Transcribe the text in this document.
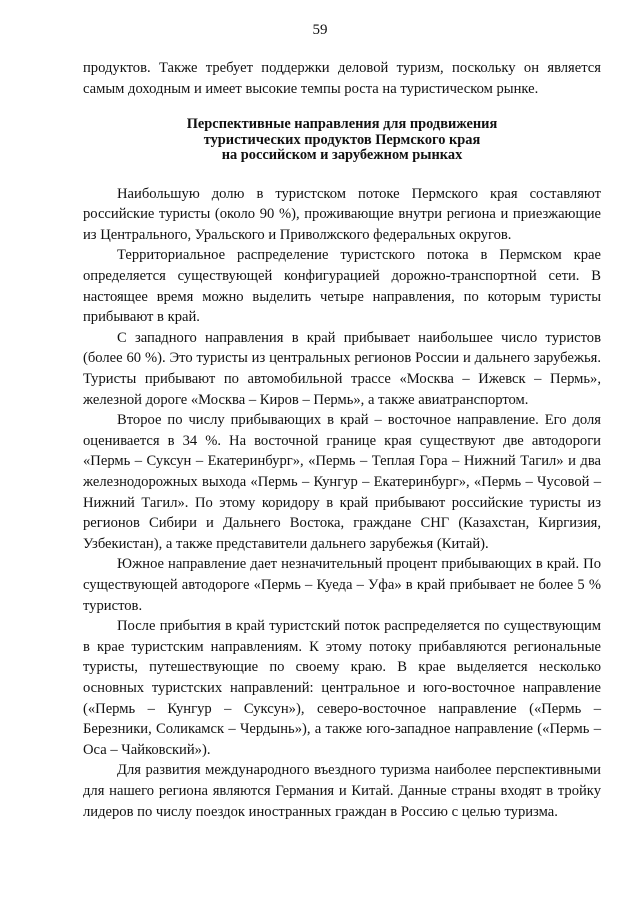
59

продуктов. Также требует поддержки деловой туризм, поскольку он является самым доходным и имеет высокие темпы роста на туристическом рынке.

Перспективные направления для продвижения
туристических продуктов Пермского края
на российском и зарубежном рынках

Наибольшую долю в туристском потоке Пермского края составляют российские туристы (около 90 %), проживающие внутри региона и приезжающие из Центрального, Уральского и Приволжского федеральных округов.

Территориальное распределение туристского потока в Пермском крае определяется существующей конфигурацией дорожно-транспортной сети. В настоящее время можно выделить четыре направления, по которым туристы прибывают в край.

С западного направления в край прибывает наибольшее число туристов (более 60 %). Это туристы из центральных регионов России и дальнего зарубежья. Туристы прибывают по автомобильной трассе «Москва – Ижевск – Пермь», железной дороге «Москва – Киров – Пермь», а также авиатранспортом.

Второе по числу прибывающих в край – восточное направление. Его доля оценивается в 34 %. На восточной границе края существуют две автодороги «Пермь – Суксун – Екатеринбург», «Пермь – Теплая Гора – Нижний Тагил» и два железнодорожных выхода «Пермь – Кунгур – Екатеринбург», «Пермь – Чусовой – Нижний Тагил». По этому коридору в край прибывают российские туристы из регионов Сибири и Дальнего Востока, граждане СНГ (Казахстан, Киргизия, Узбекистан), а также представители дальнего зарубежья (Китай).

Южное направление дает незначительный процент прибывающих в край. По существующей автодороге «Пермь – Куеда – Уфа» в край прибывает не более 5 % туристов.

После прибытия в край туристский поток распределяется по существующим в крае туристским направлениям. К этому потоку прибавляются региональные туристы, путешествующие по своему краю. В крае выделяется несколько основных туристских направлений: центральное и юго-восточное направление («Пермь – Кунгур – Суксун»), северо-восточное направление («Пермь – Березники, Соликамск – Чердынь»), а также юго-западное направление («Пермь – Оса – Чайковский»).

Для развития международного въездного туризма наиболее перспективными для нашего региона являются Германия и Китай. Данные страны входят в тройку лидеров по числу поездок иностранных граждан в Россию с целью туризма.
